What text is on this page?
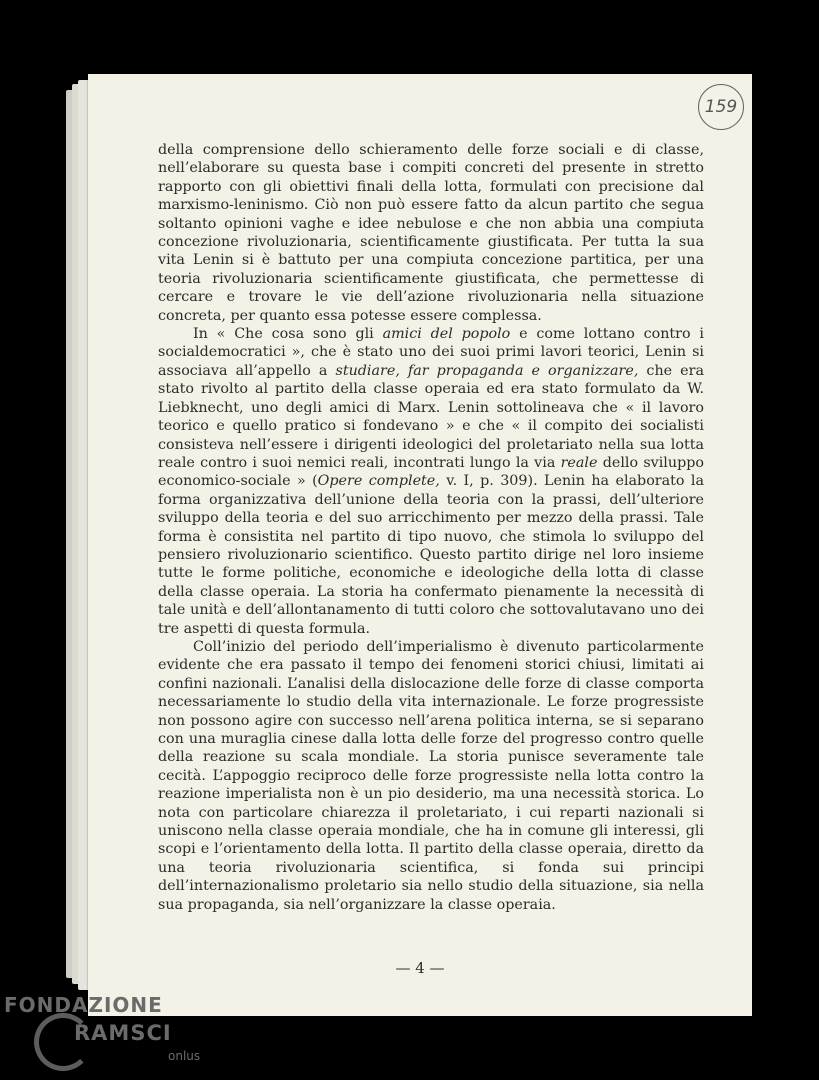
159

della comprensione dello schieramento delle forze sociali e di classe, nell’elaborare su questa base i compiti concreti del presente in stretto rapporto con gli obiettivi finali della lotta, formulati con precisione dal marxismo-leninismo. Ciò non può essere fatto da alcun partito che segua soltanto opinioni vaghe e idee nebulose e che non abbia una compiuta concezione rivoluzionaria, scientificamente giustificata. Per tutta la sua vita Lenin si è battuto per una compiuta concezione partitica, per una teoria rivoluzionaria scientificamente giustificata, che permettesse di cercare e trovare le vie dell’azione rivoluzionaria nella situazione concreta, per quanto essa potesse essere complessa.

In « Che cosa sono gli amici del popolo e come lottano contro i socialdemocratici », che è stato uno dei suoi primi lavori teorici, Lenin si associava all’appello a studiare, far propaganda e organizzare, che era stato rivolto al partito della classe operaia ed era stato formulato da W. Liebknecht, uno degli amici di Marx. Lenin sottolineava che « il lavoro teorico e quello pratico si fondevano » e che « il compito dei socialisti consisteva nell’essere i dirigenti ideologici del proletariato nella sua lotta reale contro i suoi nemici reali, incontrati lungo la via reale dello sviluppo economico-sociale » (Opere complete, v. I, p. 309). Lenin ha elaborato la forma organizzativa dell’unione della teoria con la prassi, dell’ulteriore sviluppo della teoria e del suo arricchimento per mezzo della prassi. Tale forma è consistita nel partito di tipo nuovo, che stimola lo sviluppo del pensiero rivoluzionario scientifico. Questo partito dirige nel loro insieme tutte le forme politiche, economiche e ideologiche della lotta di classe della classe operaia. La storia ha confermato pienamente la necessità di tale unità e dell’allontanamento di tutti coloro che sottovalutavano uno dei tre aspetti di questa formula.

Coll’inizio del periodo dell’imperialismo è divenuto particolarmente evidente che era passato il tempo dei fenomeni storici chiusi, limitati ai confini nazionali. L’analisi della dislocazione delle forze di classe comporta necessariamente lo studio della vita internazionale. Le forze progressiste non possono agire con successo nell’arena politica interna, se si separano con una muraglia cinese dalla lotta delle forze del progresso contro quelle della reazione su scala mondiale. La storia punisce severamente tale cecità. L’appoggio reciproco delle forze progressiste nella lotta contro la reazione imperialista non è un pio desiderio, ma una necessità storica. Lo nota con particolare chiarezza il proletariato, i cui reparti nazionali si uniscono nella classe operaia mondiale, che ha in comune gli interessi, gli scopi e l’orientamento della lotta. Il partito della classe operaia, diretto da una teoria rivoluzionaria scientifica, si fonda sui principi dell’internazionalismo proletario sia nello studio della situazione, sia nella sua propaganda, sia nell’organizzare la classe operaia.

— 4 —
FONDAZIONE
RAMSCI
onlus
